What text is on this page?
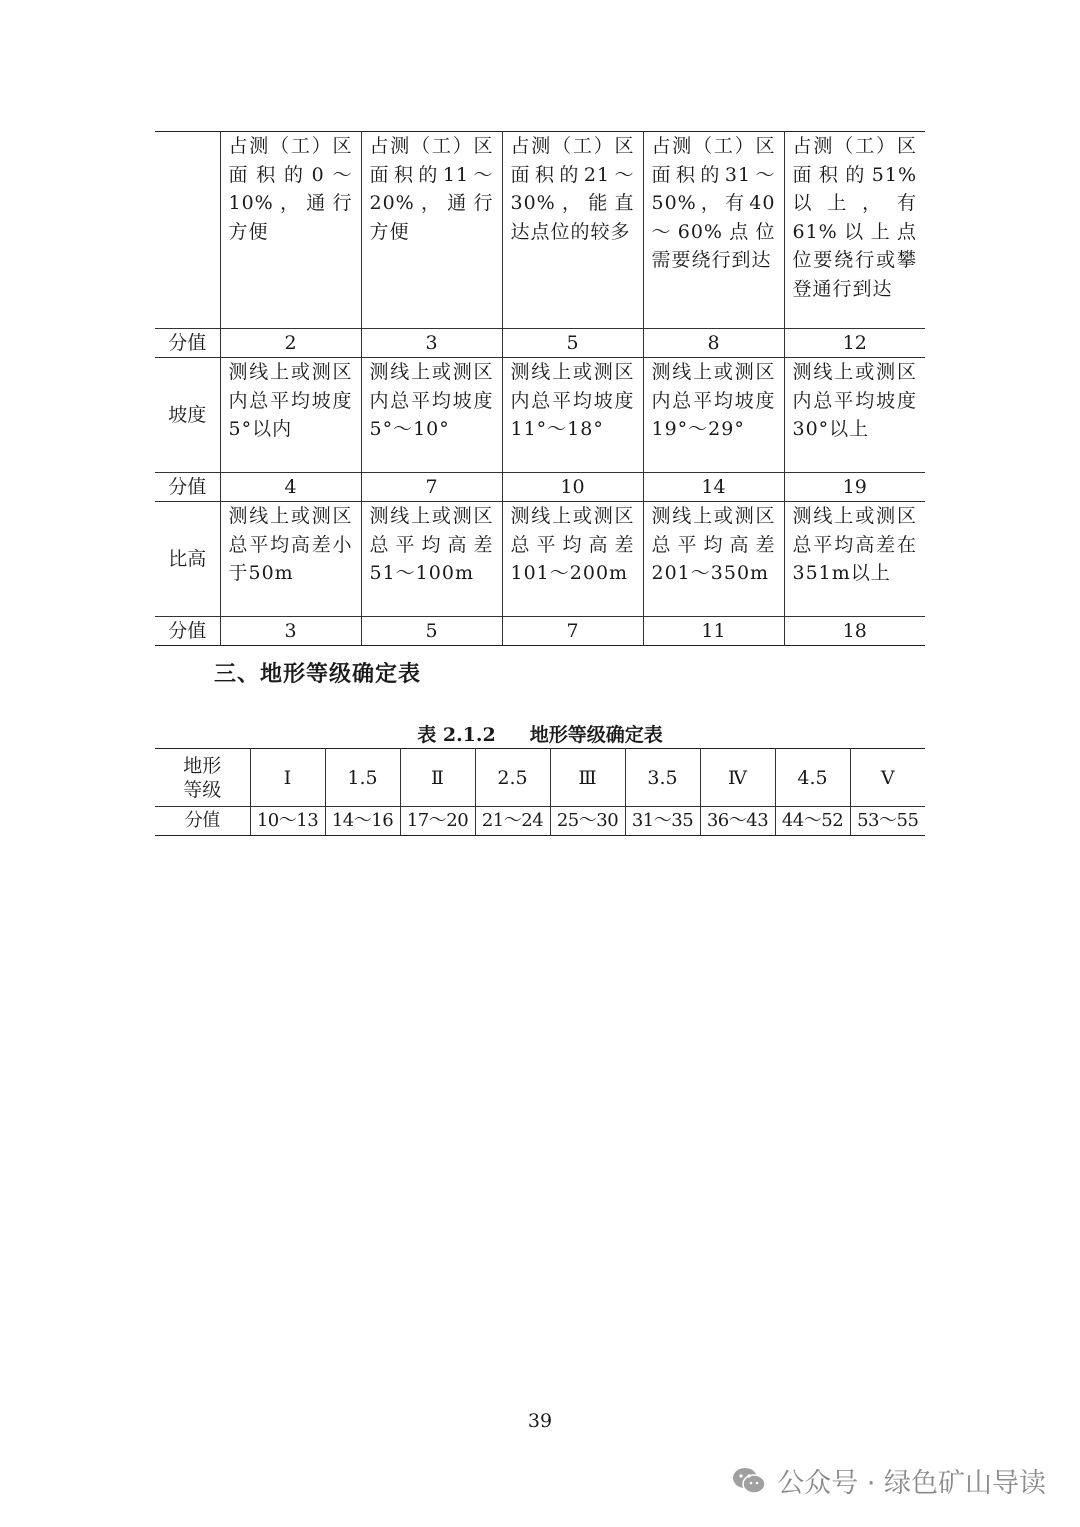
	占测（工）区面积的0～10%，通行方便	占测（工）区面积的11～20%，通行方便	占测（工）区面积的21～30%，能直达点位的较多	占测（工）区面积的31～50%，有40～60%点位需要绕行到达	占测（工）区面积的51%以上，有61%以上点位要绕行或攀登通行到达
分值	2	3	5	8	12
坡度	测线上或测区内总平均坡度5°以内	测线上或测区内总平均坡度5°～10°	测线上或测区内总平均坡度11°～18°	测线上或测区内总平均坡度19°～29°	测线上或测区内总平均坡度30°以上
分值	4	7	10	14	19
比高	测线上或测区总平均高差小于50m	测线上或测区总平均高差51～100m	测线上或测区总平均高差101～200m	测线上或测区总平均高差201～350m	测线上或测区总平均高差在351m以上
分值	3	5	7	11	18
三、地形等级确定表
表 2.1.2 地形等级确定表
地形等级	Ⅰ	1.5	Ⅱ	2.5	Ⅲ	3.5	Ⅳ	4.5	Ⅴ
分值	10～13	14～16	17～20	21～24	25～30	31～35	36～43	44～52	53～55
39
公众号 · 绿色矿山导读
